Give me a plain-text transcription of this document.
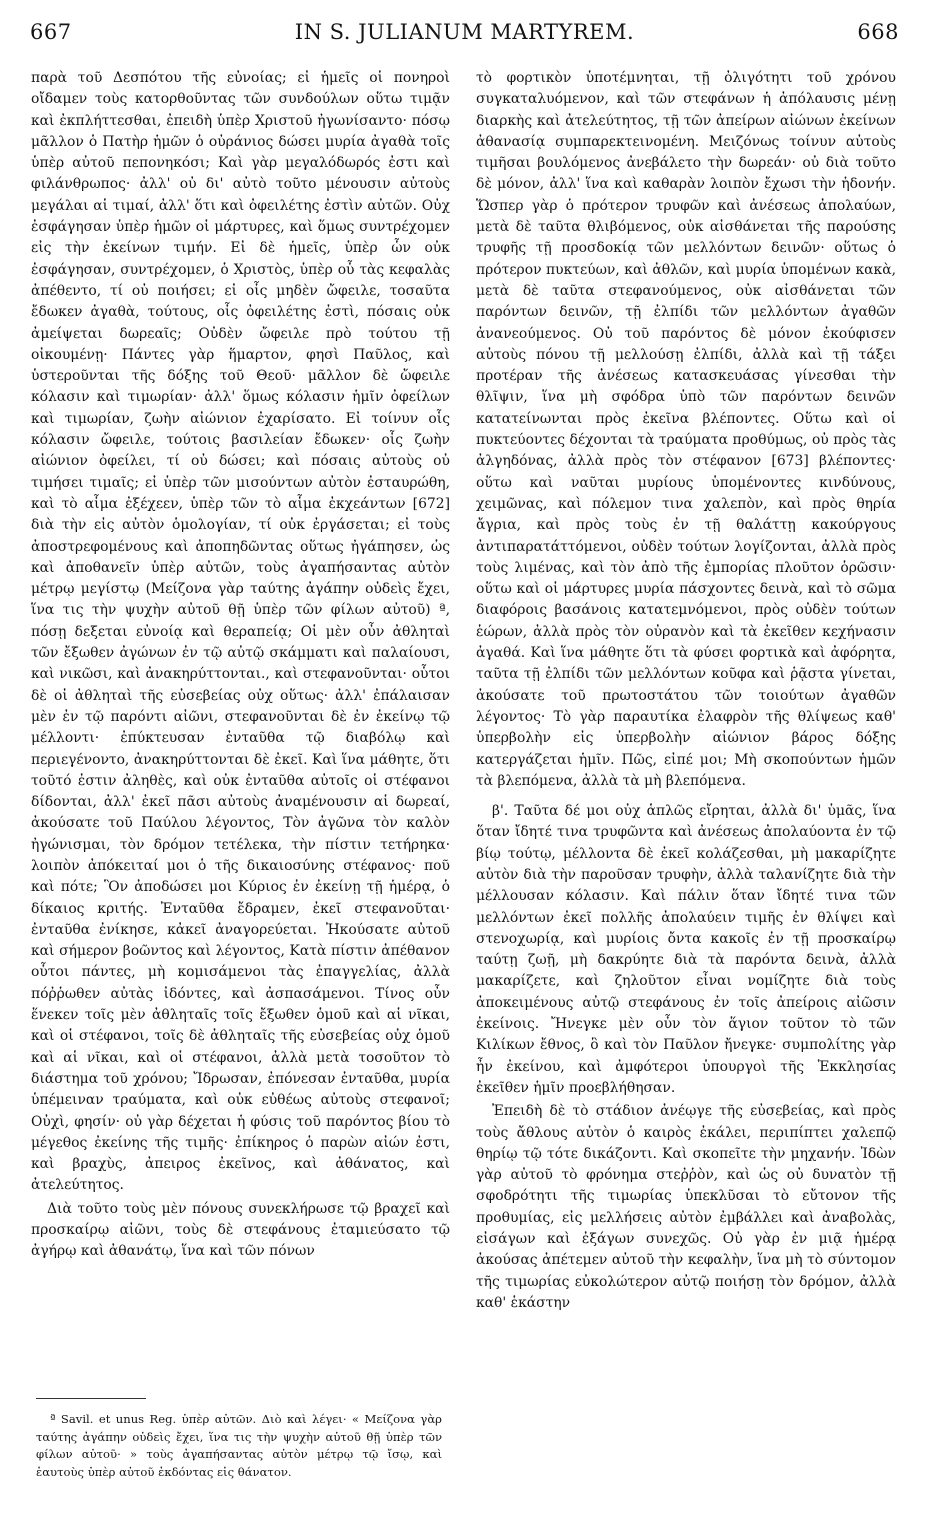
IN S. JULIANUM MARTYREM.
667	668

παρὰ τοῦ Δεσπότου τῆς εὐνοίας; εἰ ἡμεῖς οἱ πονηροὶ οἴδαμεν τοὺς κατορθοῦντας τῶν συνδούλων οὕτω τιμᾷν καὶ ἐκπλήττεσθαι, ἐπειδὴ ὑπὲρ Χριστοῦ ἠγωνίσαντο· πόσῳ μᾶλλον ὁ Πατὴρ ἡμῶν ὁ οὐράνιος δώσει μυρία ἀγαθὰ τοῖς ὑπὲρ αὐτοῦ πεπονηκόσι; Καὶ γὰρ μεγαλόδωρός ἐστι καὶ φιλάνθρωπος· ἀλλ' οὐ δι' αὐτὸ τοῦτο μένουσιν αὐτοὺς μεγάλαι αἱ τιμαί, ἀλλ' ὅτι καὶ ὀφειλέτης ἐστὶν αὐτῶν. Οὐχ ἐσφάγησαν ὑπὲρ ἡμῶν οἱ μάρτυρες, καὶ ὅμως συντρέχομεν εἰς τὴν ἐκείνων τιμήν. Εἰ δὲ ἡμεῖς, ὑπὲρ ὧν οὐκ ἐσφάγησαν, συντρέχομεν, ὁ Χριστὸς, ὑπὲρ οὗ τὰς κεφαλὰς ἀπέθεντο, τί οὐ ποιήσει; εἰ οἷς μηδὲν ὤφειλε, τοσαῦτα ἔδωκεν ἀγαθὰ, τούτους, οἷς ὀφειλέτης ἐστὶ, πόσαις οὐκ ἀμείψεται δωρεαῖς; Οὐδὲν ὤφειλε πρὸ τούτου τῇ οἰκουμένῃ· Πάντες γὰρ ἥμαρτον, φησὶ Παῦλος, καὶ ὑστεροῦνται τῆς δόξης τοῦ Θεοῦ· μᾶλλον δὲ ὤφειλε κόλασιν καὶ τιμωρίαν· ἀλλ' ὅμως κόλασιν ἡμῖν ὀφείλων καὶ τιμωρίαν, ζωὴν αἰώνιον ἐχαρίσατο. Εἰ τοίνυν οἷς κόλασιν ὤφειλε, τούτοις βασιλείαν ἔδωκεν· οἷς ζωὴν αἰώνιον ὀφείλει, τί οὐ δώσει; καὶ πόσαις αὐτοὺς οὐ τιμήσει τιμαῖς; εἰ ὑπὲρ τῶν μισούντων αὐτὸν ἐσταυρώθη, καὶ τὸ αἷμα ἐξέχεεν, ὑπὲρ τῶν τὸ αἷμα ἐκχεάντων [672] διὰ τὴν εἰς αὐτὸν ὁμολογίαν, τί οὐκ ἐργάσεται; εἰ τοὺς ἀποστρεφομένους καὶ ἀποπηδῶντας οὕτως ἠγάπησεν, ὡς καὶ ἀποθανεῖν ὑπὲρ αὐτῶν, τοὺς ἀγαπήσαντας αὐτὸν μέτρῳ μεγίστῳ (Μείζονα γὰρ ταύτης ἀγάπην οὐδεὶς ἔχει, ἵνα τις τὴν ψυχὴν αὐτοῦ θῇ ὑπὲρ τῶν φίλων αὐτοῦ) ª, πόσῃ δεξεται εὐνοίᾳ καὶ θεραπείᾳ; Οἱ μὲν οὖν ἀθληταὶ τῶν ἔξωθεν ἀγώνων ἐν τῷ αὐτῷ σκάμματι καὶ παλαίουσι, καὶ νικῶσι, καὶ ἀνακηρύττονται., καὶ στεφανοῦνται· οὗτοι δὲ οἱ ἀθληταὶ τῆς εὐσεβείας οὐχ οὕτως· ἀλλ' ἐπάλαισαν μὲν ἐν τῷ παρόντι αἰῶνι, στεφανοῦνται δὲ ἐν ἐκείνῳ τῷ μέλλοντι· ἐπύκτευσαν ἐνταῦθα τῷ διαβόλῳ καὶ περιεγένοντο, ἀνακηρύττονται δὲ ἐκεῖ. Καὶ ἵνα μάθητε, ὅτι τοῦτό ἐστιν ἀληθὲς, καὶ οὐκ ἐνταῦθα αὐτοῖς οἱ στέφανοι δίδονται, ἀλλ' ἐκεῖ πᾶσι αὐτοὺς ἀναμένουσιν αἱ δωρεαί, ἀκούσατε τοῦ Παύλου λέγοντος, Τὸν ἀγῶνα τὸν καλὸν ἠγώνισμαι, τὸν δρόμον τετέλεκα, τὴν πίστιν τετήρηκα· λοιπὸν ἀπόκειταί μοι ὁ τῆς δικαιοσύνης στέφανος· ποῦ καὶ πότε; Ὃν ἀποδώσει μοι Κύριος ἐν ἐκείνῃ τῇ ἡμέρᾳ, ὁ δίκαιος κριτής. Ἐνταῦθα ἔδραμεν, ἐκεῖ στεφανοῦται· ἐνταῦθα ἐνίκησε, κἀκεῖ ἀναγορεύεται. Ἠκούσατε αὐτοῦ καὶ σήμερον βοῶντος καὶ λέγοντος, Κατὰ πίστιν ἀπέθανον οὗτοι πάντες, μὴ κομισάμενοι τὰς ἐπαγγελίας, ἀλλὰ πόῤῥωθεν αὐτὰς ἰδόντες, καὶ ἀσπασάμενοι. Τίνος οὖν ἕνεκεν τοῖς μὲν ἀθληταῖς τοῖς ἔξωθεν ὁμοῦ καὶ αἱ νῖκαι, καὶ οἱ στέφανοι, τοῖς δὲ ἀθληταῖς τῆς εὐσεβείας οὐχ ὁμοῦ καὶ αἱ νῖκαι, καὶ οἱ στέφανοι, ἀλλὰ μετὰ τοσοῦτον τὸ διάστημα τοῦ χρόνου; Ἴδρωσαν, ἐπόνεσαν ἐνταῦθα, μυρία ὑπέμειναν τραύματα, καὶ οὐκ εὐθέως αὐτοὺς στεφανοῖ; Οὐχὶ, φησίν· οὐ γὰρ δέχεται ἡ φύσις τοῦ παρόντος βίου τὸ μέγεθος ἐκείνης τῆς τιμῆς· ἐπίκηρος ὁ παρὼν αἰών ἐστι, καὶ βραχὺς, ἀπειρος ἐκεῖνος, καὶ ἀθάνατος, καὶ ἀτελεύτητος.

Διὰ τοῦτο τοὺς μὲν πόνους συνεκλήρωσε τῷ βραχεῖ καὶ προσκαίρῳ αἰῶνι, τοὺς δὲ στεφάνους ἐταμιεύσατο τῷ ἀγήρῳ καὶ ἀθανάτῳ, ἵνα καὶ τῶν πόνων

τὸ φορτικὸν ὑποτέμνηται, τῇ ὀλιγότητι τοῦ χρόνου συγκαταλυόμενον, καὶ τῶν στεφάνων ἡ ἀπόλαυσις μένῃ διαρκὴς καὶ ἀτελεύτητος, τῇ τῶν ἀπείρων αἰώνων ἐκείνων ἀθανασίᾳ συμπαρεκτεινομένη. Μειζόνως τοίνυν αὐτοὺς τιμῆσαι βουλόμενος ἀνεβάλετο τὴν δωρεάν· οὐ διὰ τοῦτο δὲ μόνον, ἀλλ' ἵνα καὶ καθαρὰν λοιπὸν ἔχωσι τὴν ἡδονήν. Ὥσπερ γὰρ ὁ πρότερον τρυφῶν καὶ ἀνέσεως ἀπολαύων, μετὰ δὲ ταῦτα θλιβόμενος, οὐκ αἰσθάνεται τῆς παρούσης τρυφῆς τῇ προσδοκίᾳ τῶν μελλόντων δεινῶν· οὕτως ὁ πρότερον πυκτεύων, καὶ ἀθλῶν, καὶ μυρία ὑπομένων κακὰ, μετὰ δὲ ταῦτα στεφανούμενος, οὐκ αἰσθάνεται τῶν παρόντων δεινῶν, τῇ ἐλπίδι τῶν μελλόντων ἀγαθῶν ἀνανεούμενος. Οὐ τοῦ παρόντος δὲ μόνον ἐκούφισεν αὐτοὺς πόνου τῇ μελλούσῃ ἐλπίδι, ἀλλὰ καὶ τῇ τάξει προτέραν τῆς ἀνέσεως κατασκευάσας γίνεσθαι τὴν θλῖψιν, ἵνα μὴ σφόδρα ὑπὸ τῶν παρόντων δεινῶν κατατείνωνται πρὸς ἐκεῖνα βλέποντες. Οὕτω καὶ οἱ πυκτεύοντες δέχονται τὰ τραύματα προθύμως, οὐ πρὸς τὰς ἀλγηδόνας, ἀλλὰ πρὸς τὸν στέφανον [673] βλέποντες· οὕτω καὶ ναῦται μυρίους ὑπομένοντες κινδύνους, χειμῶνας, καὶ πόλεμον τινα χαλεπὸν, καὶ πρὸς θηρία ἄγρια, καὶ πρὸς τοὺς ἐν τῇ θαλάττῃ κακούργους ἀντιπαρατάττόμενοι, οὐδὲν τούτων λογίζονται, ἀλλὰ πρὸς τοὺς λιμένας, καὶ τὸν ἀπὸ τῆς ἐμπορίας πλοῦτον ὁρῶσιν· οὕτω καὶ οἱ μάρτυρες μυρία πάσχοντες δεινὰ, καὶ τὸ σῶμα διαφόροις βασάνοις κατατεμνόμενοι, πρὸς οὐδὲν τούτων ἑώρων, ἀλλὰ πρὸς τὸν οὐρανὸν καὶ τὰ ἐκεῖθεν κεχήνασιν ἀγαθά. Καὶ ἵνα μάθητε ὅτι τὰ φύσει φορτικὰ καὶ ἀφόρητα, ταῦτα τῇ ἐλπίδι τῶν μελλόντων κοῦφα καὶ ῥᾷστα γίνεται, ἀκούσατε τοῦ πρωτοστάτου τῶν τοιούτων ἀγαθῶν λέγοντος· Τὸ γὰρ παραυτίκα ἐλαφρὸν τῆς θλίψεως καθ' ὑπερβολὴν εἰς ὑπερβολὴν αἰώνιον βάρος δόξης κατεργάζεται ἡμῖν. Πῶς, εἰπέ μοι; Μὴ σκοπούντων ἡμῶν τὰ βλεπόμενα, ἀλλὰ τὰ μὴ βλεπόμενα.

β'. Ταῦτα δέ μοι οὐχ ἁπλῶς εἴρηται, ἀλλὰ δι' ὑμᾶς, ἵνα ὅταν ἴδητέ τινα τρυφῶντα καὶ ἀνέσεως ἀπολαύοντα ἐν τῷ βίῳ τούτῳ, μέλλοντα δὲ ἐκεῖ κολάζεσθαι, μὴ μακαρίζητε αὐτὸν διὰ τὴν παροῦσαν τρυφὴν, ἀλλὰ ταλανίζητε διὰ τὴν μέλλουσαν κόλασιν. Καὶ πάλιν ὅταν ἴδητέ τινα τῶν μελλόντων ἐκεῖ πολλῆς ἀπολαύειν τιμῆς ἐν θλίψει καὶ στενοχωρίᾳ, καὶ μυρίοις ὄντα κακοῖς ἐν τῇ προσκαίρῳ ταύτῃ ζωῇ, μὴ δακρύητε διὰ τὰ παρόντα δεινὰ, ἀλλὰ μακαρίζετε, καὶ ζηλοῦτον εἶναι νομίζητε διὰ τοὺς ἀποκειμένους αὐτῷ στεφάνους ἐν τοῖς ἀπείροις αἰῶσιν ἐκείνοις. Ἤνεγκε μὲν οὖν τὸν ἅγιον τοῦτον τὸ τῶν Κιλίκων ἔθνος, ὃ καὶ τὸν Παῦλον ἤνεγκε· συμπολίτης γὰρ ἦν ἐκείνου, καὶ ἀμφότεροι ὑπουργοὶ τῆς Ἐκκλησίας ἐκεῖθεν ἡμῖν προεβλήθησαν.

Ἐπειδὴ δὲ τὸ στάδιον ἀνέῳγε τῆς εὐσεβείας, καὶ πρὸς τοὺς ἄθλους αὐτὸν ὁ καιρὸς ἐκάλει, περιπίπτει χαλεπῷ θηρίῳ τῷ τότε δικάζοντι. Καὶ σκοπεῖτε τὴν μηχανήν. Ἰδὼν γὰρ αὐτοῦ τὸ φρόνημα στεῤῥὸν, καὶ ὡς οὐ δυνατὸν τῇ σφοδρότητι τῆς τιμωρίας ὑπεκλῦσαι τὸ εὔτονον τῆς προθυμίας, εἰς μελλήσεις αὐτὸν ἐμβάλλει καὶ ἀναβολὰς, εἰσάγων καὶ ἐξάγων συνεχῶς. Οὐ γὰρ ἐν μιᾷ ἡμέρᾳ ἀκούσας ἀπέτεμεν αὐτοῦ τὴν κεφαλὴν, ἵνα μὴ τὸ σύντομον τῆς τιμωρίας εὐκολώτερον αὐτῷ ποιήσῃ τὸν δρόμον, ἀλλὰ καθ' ἑκάστην

ª Savil. et unus Reg. ὑπὲρ αὐτῶν. Διὸ καὶ λέγει· « Μείζονα γὰρ ταύτης ἀγάπην οὐδεὶς ἔχει, ἵνα τις τὴν ψυχὴν αὐτοῦ θῇ ὑπὲρ τῶν φίλων αὐτοῦ· » τοὺς ἀγαπήσαντας αὐτὸν μέτρῳ τῷ ἴσῳ, καὶ ἑαυτοὺς ὑπὲρ αὐτοῦ ἐκδόντας εἰς θάνατον.
